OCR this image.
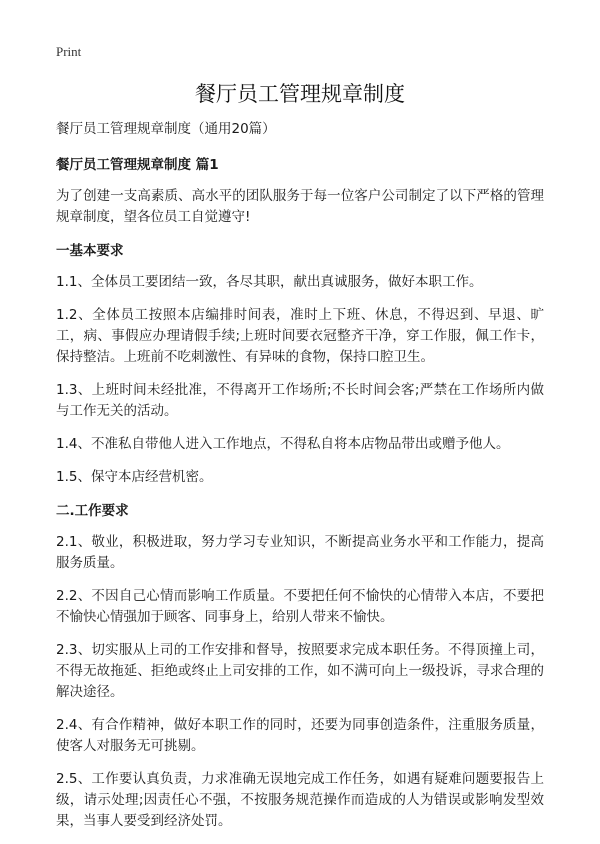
Print
餐厅员工管理规章制度

餐厅员工管理规章制度（通用20篇）

餐厅员工管理规章制度 篇1

为了创建一支高素质、高水平的团队服务于每一位客户公司制定了以下严格的管理规章制度，望各位员工自觉遵守!

一基本要求

1.1、全体员工要团结一致，各尽其职，献出真诚服务，做好本职工作。

1.2、全体员工按照本店编排时间表，准时上下班、休息，不得迟到、早退、旷工，病、事假应办理请假手续;上班时间要衣冠整齐干净，穿工作服，佩工作卡，保持整洁。上班前不吃刺激性、有异味的食物，保持口腔卫生。

1.3、上班时间未经批准，不得离开工作场所;不长时间会客;严禁在工作场所内做与工作无关的活动。

1.4、不准私自带他人进入工作地点，不得私自将本店物品带出或赠予他人。

1.5、保守本店经营机密。

二.工作要求

2.1、敬业，积极进取，努力学习专业知识，不断提高业务水平和工作能力，提高服务质量。

2.2、不因自己心情而影响工作质量。不要把任何不愉快的心情带入本店，不要把不愉快心情强加于顾客、同事身上，给别人带来不愉快。

2.3、切实服从上司的工作安排和督导，按照要求完成本职任务。不得顶撞上司，不得无故拖延、拒绝或终止上司安排的工作，如不满可向上一级投诉，寻求合理的解决途径。

2.4、有合作精神，做好本职工作的同时，还要为同事创造条件，注重服务质量，使客人对服务无可挑剔。

2.5、工作要认真负责，力求准确无误地完成工作任务，如遇有疑难问题要报告上级，请示处理;因责任心不强，不按服务规范操作而造成的人为错误或影响发型效果，当事人要受到经济处罚。
